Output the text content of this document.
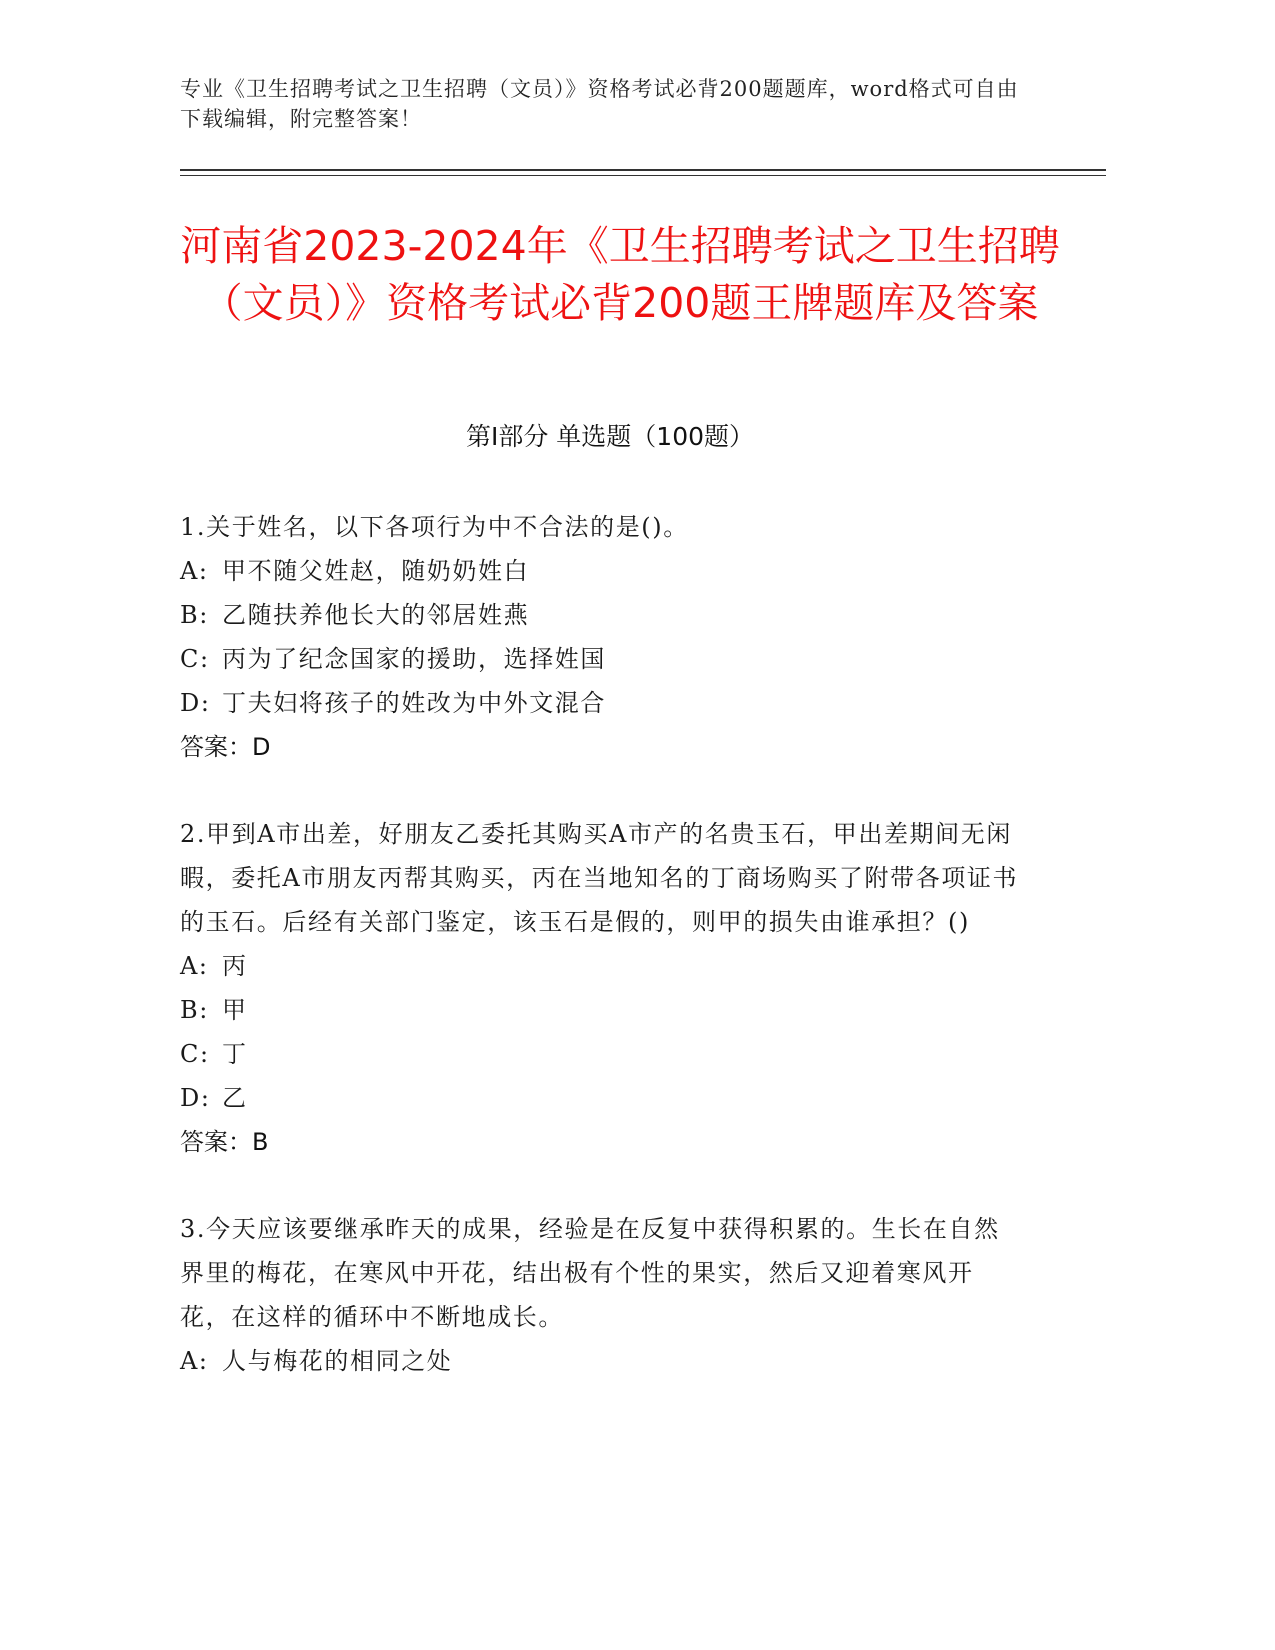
专业《卫生招聘考试之卫生招聘（文员）》资格考试必背200题题库，word格式可自由下载编辑，附完整答案！
河南省2023-2024年《卫生招聘考试之卫生招聘（文员）》资格考试必背200题王牌题库及答案
第Ⅰ部分 单选题（100题）
1.关于姓名，以下各项行为中不合法的是()。
A: 甲不随父姓赵，随奶奶姓白
B: 乙随扶养他长大的邻居姓燕
C: 丙为了纪念国家的援助，选择姓国
D: 丁夫妇将孩子的姓改为中外文混合
答案：D
2.甲到A市出差，好朋友乙委托其购买A市产的名贵玉石，甲出差期间无闲暇，委托A市朋友丙帮其购买，丙在当地知名的丁商场购买了附带各项证书的玉石。后经有关部门鉴定，该玉石是假的，则甲的损失由谁承担？()
A: 丙
B: 甲
C: 丁
D: 乙
答案：B
3.今天应该要继承昨天的成果，经验是在反复中获得积累的。生长在自然界里的梅花，在寒风中开花，结出极有个性的果实，然后又迎着寒风开花，在这样的循环中不断地成长。
A: 人与梅花的相同之处
